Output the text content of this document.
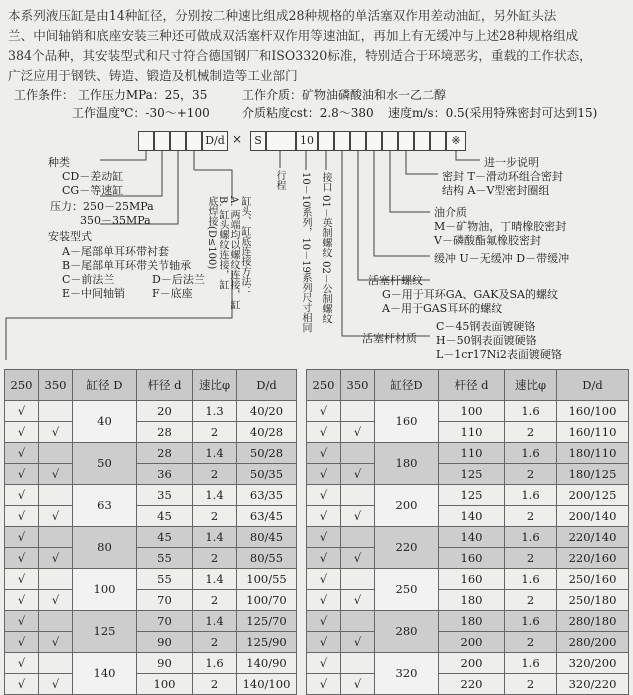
本系列液压缸是由14种缸径，分别按二种速比组成28种规格的单活塞双作用差动油缸，另外缸头法
兰、中间轴销和底座安装三种还可做成双活塞杆双作用等速油缸，再加上有无缓冲与上述28种规格组成
384个品种，其安装型式和尺寸符合德国钢厂和ISO3320标准，特别适合于环境恶劣，重载的工作状态，
广泛应用于钢铁、铸造、锻造及机械制造等工业部门
工作条件： 工作压力MPa：25，35	工作介质：矿物油磷酸油和水一乙二醇
工作温度℃：-30～+100	介质粘度cst：2.8～380 速度m/s：0.5(采用特殊密封可达到15)
D/d ×	S	10	※
种类
CD－差动缸
CG－等速缸
压力：250－25MPa
350－35MPa
安装型式
A－尾部单耳环带衬套
B－尾部单耳环带关节轴承
C－前法兰	D－后法兰
E－中间轴销 F－底座	缸头、缸底连接方法：
A. 两端均以螺纹连接，缸
B. 缸头螺纹连接，缸
底焊接(D≤100)
行程 10－10系列，10－19系列尺寸相同 接口 01－英制螺纹 02－公制螺纹
进一步说明
密封 T－滑动环组合密封
结构 A－V型密封圈组
油介质
M－矿物油，丁晴橡胶密封
V－磷酸酯氟橡胶密封
缓冲 U－无缓冲 D－带缓冲
活塞杆螺纹
G－用于耳环GA、GAK及SA的螺纹
A－用于GAS耳环的螺纹
活塞杆材质
C－45钢表面镀硬铬
H－50钢表面镀硬铬
L－1cr17Ni2表面镀硬铬
250	350	缸径 D	杆径 d	速比φ	D/d
√		40	20	1.3	40/20
√	√		28	2	40/28
√		50	28	1.4	50/28
√	√		36	2	50/35
√		63	35	1.4	63/35
√	√		45	2	63/45
√		80	45	1.4	80/45
√	√		55	2	80/55
√		100	55	1.4	100/55
√	√		70	2	100/70
√		125	70	1.4	125/70
√	√		90	2	125/90
√		140	90	1.6	140/90
√	√		100	2	140/100
250	350	缸径D	杆径 d	速比φ	D/d
√		160	100	1.6	160/100
√	√		110	2	160/110
√		180	110	1.6	180/110
√	√		125	2	180/125
√		200	125	1.6	200/125
√	√		140	2	200/140
√		220	140	1.6	220/140
√	√		160	2	220/160
√		250	160	1.6	250/160
√	√		180	2	250/180
√		280	180	1.6	280/180
√	√		200	2	280/200
√		320	200	1.6	320/200
√	√		220	2	320/220
